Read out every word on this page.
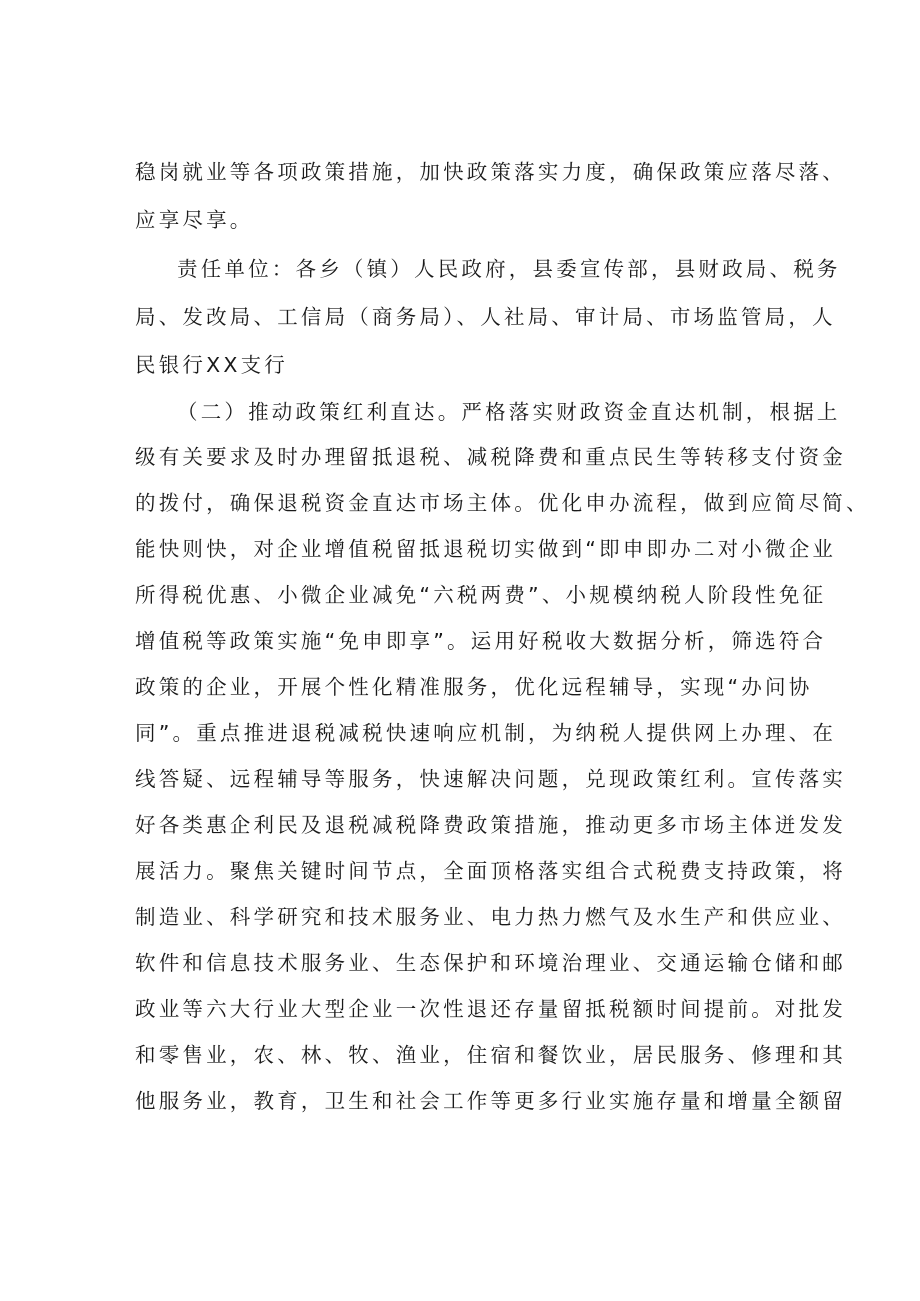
稳岗就业等各项政策措施，加快政策落实力度，确保政策应落尽落、
应享尽享。
责任单位：各乡（镇）人民政府，县委宣传部，县财政局、税务
局、发改局、工信局（商务局）、人社局、审计局、市场监管局，人
民银行XX支行
（二）推动政策红利直达。严格落实财政资金直达机制，根据上
级有关要求及时办理留抵退税、减税降费和重点民生等转移支付资金
的拨付，确保退税资金直达市场主体。优化申办流程，做到应简尽简、
能快则快，对企业增值税留抵退税切实做到“即申即办二对小微企业
所得税优惠、小微企业减免“六税两费”、小规模纳税人阶段性免征
增值税等政策实施“免申即享”。运用好税收大数据分析，筛选符合
政策的企业，开展个性化精准服务，优化远程辅导，实现“办问协
同”。重点推进退税减税快速响应机制，为纳税人提供网上办理、在
线答疑、远程辅导等服务，快速解决问题，兑现政策红利。宣传落实
好各类惠企利民及退税减税降费政策措施，推动更多市场主体迸发发
展活力。聚焦关键时间节点，全面顶格落实组合式税费支持政策，将
制造业、科学研究和技术服务业、电力热力燃气及水生产和供应业、
软件和信息技术服务业、生态保护和环境治理业、交通运输仓储和邮
政业等六大行业大型企业一次性退还存量留抵税额时间提前。对批发
和零售业，农、林、牧、渔业，住宿和餐饮业，居民服务、修理和其
他服务业，教育，卫生和社会工作等更多行业实施存量和增量全额留
